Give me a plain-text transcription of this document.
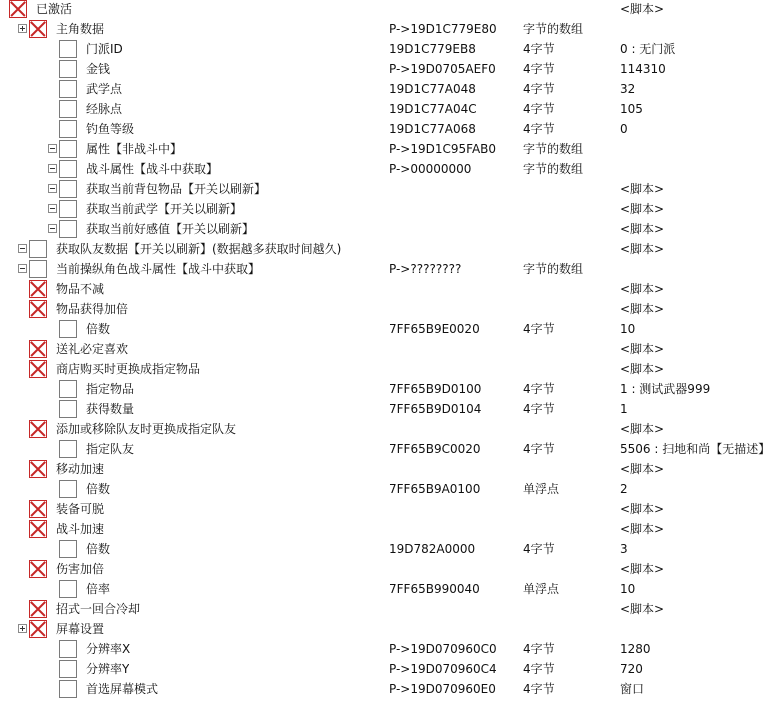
已激活	<脚本>
主角数据	P->19D1C779E80 字节的数组
门派ID	19D1C779EB8	4字节	0 : 无门派
金钱	P->19D0705AEF0 4字节	114310
武学点	19D1C77A048	4字节	32
经脉点	19D1C77A04C	4字节	105
钓鱼等级	19D1C77A068	4字节	0
属性【非战斗中】	P->19D1C95FAB0 字节的数组
战斗属性【战斗中获取】	P->00000000	字节的数组
获取当前背包物品【开关以刷新】	<脚本>
获取当前武学【开关以刷新】	<脚本>
获取当前好感值【开关以刷新】	<脚本>
获取队友数据【开关以刷新】(数据越多获取时间越久)	<脚本>
当前操纵角色战斗属性【战斗中获取】	P->????????	字节的数组
物品不减	<脚本>
物品获得加倍	<脚本>
倍数	7FF65B9E0020	4字节	10
送礼必定喜欢	<脚本>
商店购买时更换成指定物品	<脚本>
指定物品	7FF65B9D0100	4字节	1 : 测试武器999
获得数量	7FF65B9D0104	4字节	1
添加或移除队友时更换成指定队友	<脚本>
指定队友	7FF65B9C0020	4字节	5506 : 扫地和尚【无描述】
移动加速	<脚本>
倍数	7FF65B9A0100	单浮点	2
装备可脱	<脚本>
战斗加速	<脚本>
倍数	19D782A0000	4字节	3
伤害加倍	<脚本>
倍率	7FF65B990040	单浮点	10
招式一回合冷却	<脚本>
屏幕设置
分辨率X	P->19D070960C0 4字节	1280
分辨率Y	P->19D070960C4 4字节	720
首选屏幕模式	P->19D070960E0 4字节	窗口
